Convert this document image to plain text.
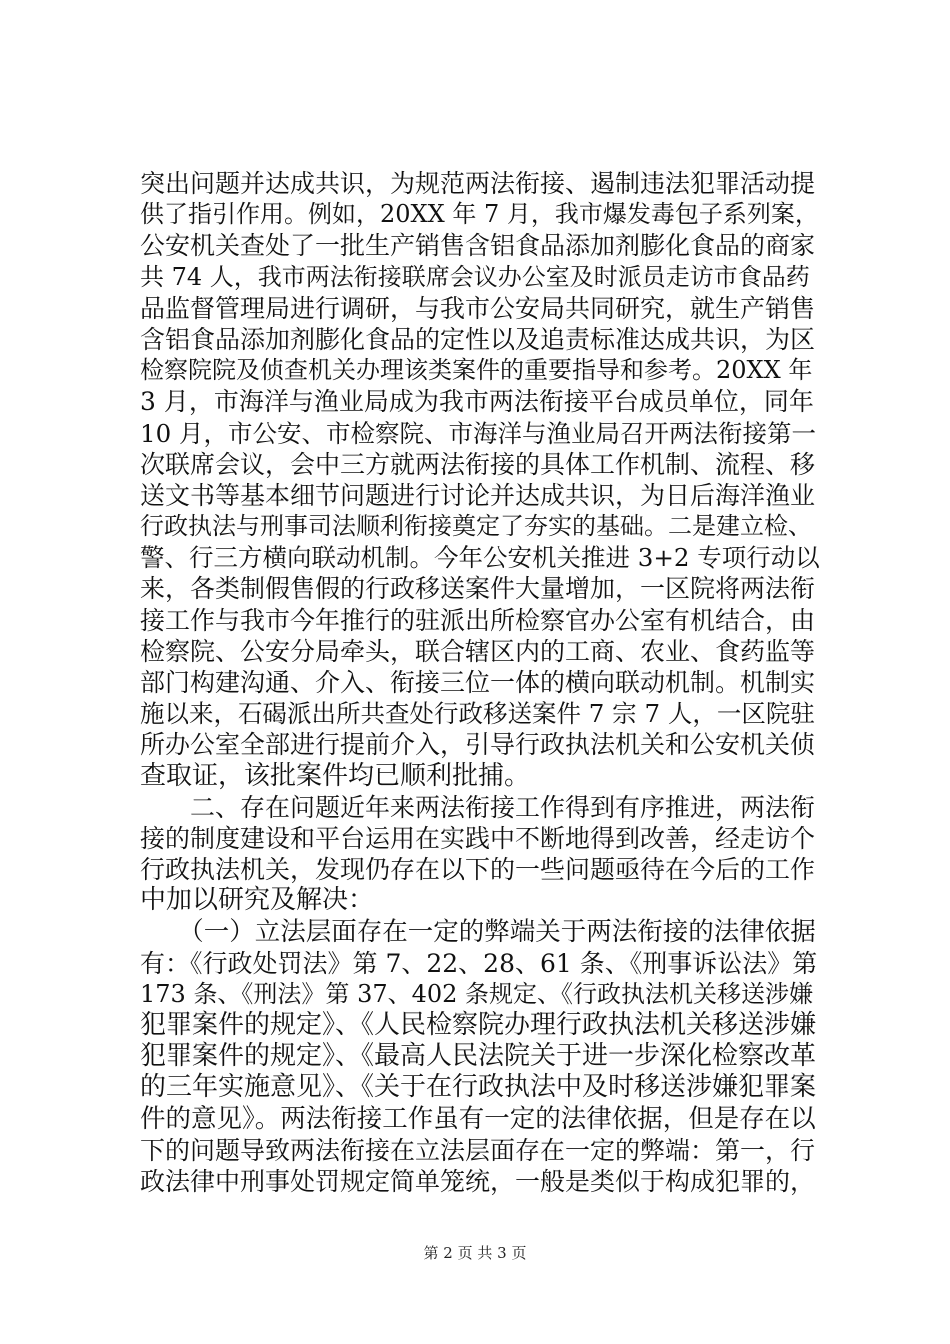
突出问题并达成共识，为规范两法衔接、遏制违法犯罪活动提
供了指引作用。例如，20XX 年 7 月，我市爆发毒包子系列案，
公安机关查处了一批生产销售含铝食品添加剂膨化食品的商家
共 74 人，我市两法衔接联席会议办公室及时派员走访市食品药
品监督管理局进行调研，与我市公安局共同研究，就生产销售
含铝食品添加剂膨化食品的定性以及追责标准达成共识，为区
检察院院及侦查机关办理该类案件的重要指导和参考。20XX 年
3 月，市海洋与渔业局成为我市两法衔接平台成员单位，同年
10 月，市公安、市检察院、市海洋与渔业局召开两法衔接第一
次联席会议，会中三方就两法衔接的具体工作机制、流程、移
送文书等基本细节问题进行讨论并达成共识，为日后海洋渔业
行政执法与刑事司法顺利衔接奠定了夯实的基础。二是建立检、
警、行三方横向联动机制。今年公安机关推进 3+2 专项行动以
来，各类制假售假的行政移送案件大量增加，一区院将两法衔
接工作与我市今年推行的驻派出所检察官办公室有机结合，由
检察院、公安分局牵头，联合辖区内的工商、农业、食药监等
部门构建沟通、介入、衔接三位一体的横向联动机制。机制实
施以来，石碣派出所共查处行政移送案件 7 宗 7 人，一区院驻
所办公室全部进行提前介入，引导行政执法机关和公安机关侦
查取证，该批案件均已顺利批捕。
　　二、存在问题近年来两法衔接工作得到有序推进，两法衔
接的制度建设和平台运用在实践中不断地得到改善，经走访个
行政执法机关，发现仍存在以下的一些问题亟待在今后的工作
中加以研究及解决：
　　（一）立法层面存在一定的弊端关于两法衔接的法律依据
有：《行政处罚法》第 7、22、28、61 条、《刑事诉讼法》第
173 条、《刑法》第 37、402 条规定、《行政执法机关移送涉嫌
犯罪案件的规定》、《人民检察院办理行政执法机关移送涉嫌
犯罪案件的规定》、《最高人民法院关于进一步深化检察改革
的三年实施意见》、《关于在行政执法中及时移送涉嫌犯罪案
件的意见》。两法衔接工作虽有一定的法律依据，但是存在以
下的问题导致两法衔接在立法层面存在一定的弊端：第一，行
政法律中刑事处罚规定简单笼统，一般是类似于构成犯罪的，
第 2 页 共 3 页
